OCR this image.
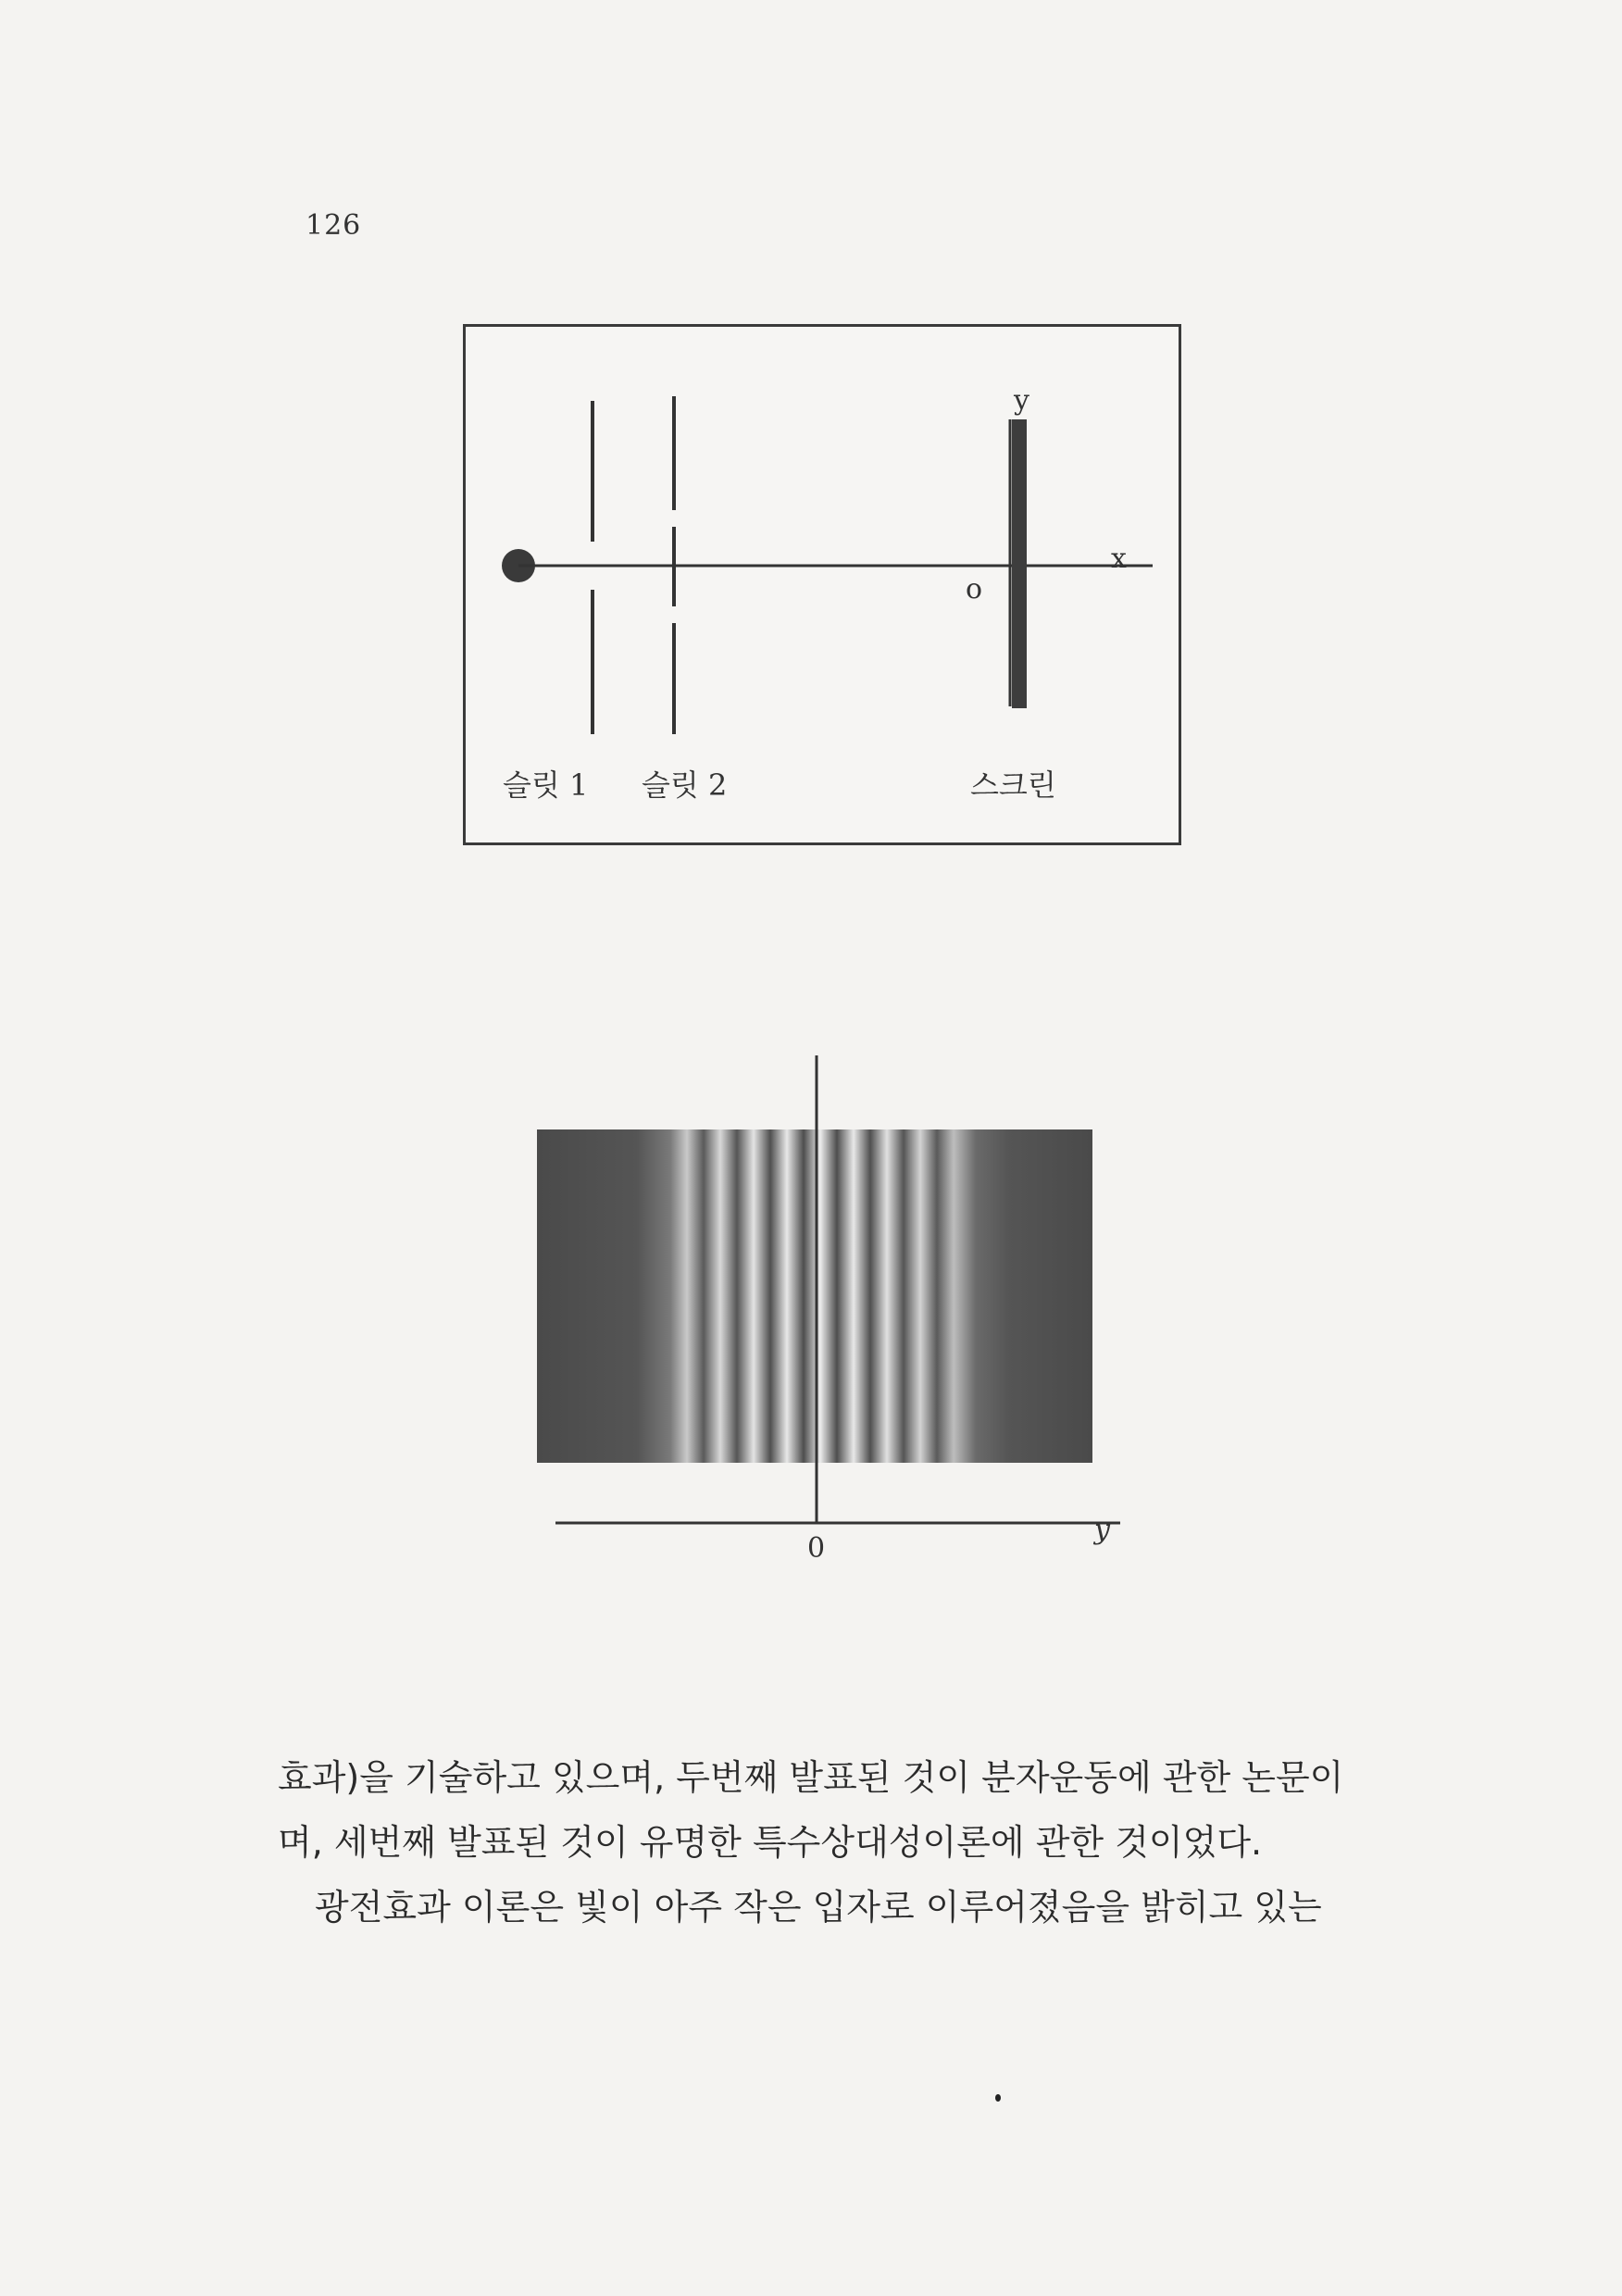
126
y
x
o
슬릿 1 슬릿 2	스크린
y
0
효과)을 기술하고 있으며, 두번째 발표된 것이 분자운동에 관한 논문이
며, 세번째 발표된 것이 유명한 특수상대성이론에 관한 것이었다.
광전효과 이론은 빛이 아주 작은 입자로 이루어졌음을 밝히고 있는
